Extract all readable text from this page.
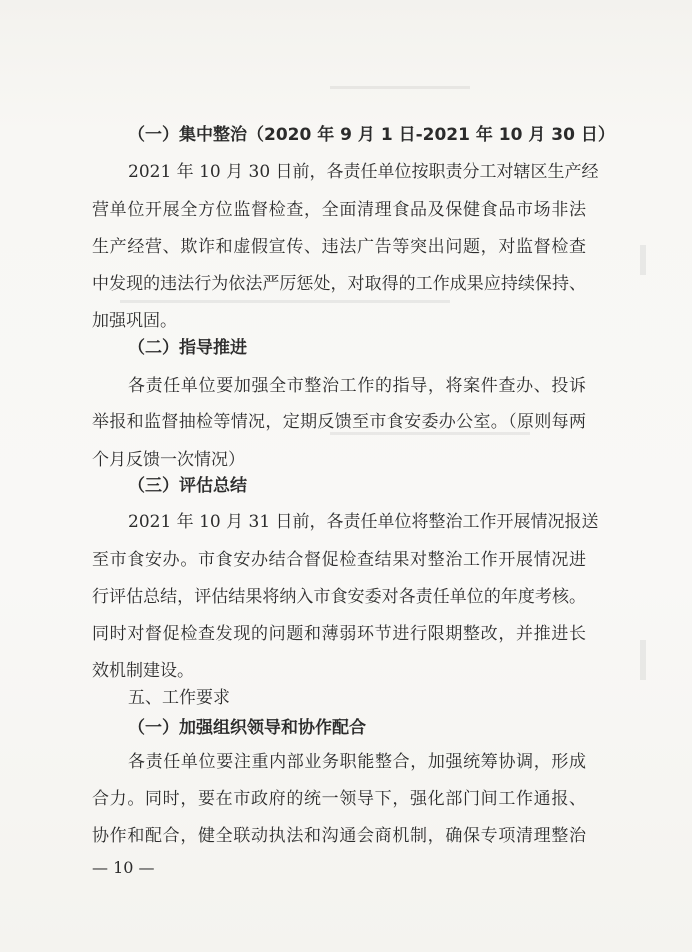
（一）集中整治（2020 年 9 月 1 日-2021 年 10 月 30 日）
2021 年 10 月 30 日前，各责任单位按职责分工对辖区生产经
营单位开展全方位监督检查，全面清理食品及保健食品市场非法
生产经营、欺诈和虚假宣传、违法广告等突出问题，对监督检查
中发现的违法行为依法严厉惩处，对取得的工作成果应持续保持、
加强巩固。
（二）指导推进
各责任单位要加强全市整治工作的指导，将案件查办、投诉
举报和监督抽检等情况，定期反馈至市食安委办公室。（原则每两
个月反馈一次情况）
（三）评估总结
2021 年 10 月 31 日前，各责任单位将整治工作开展情况报送
至市食安办。市食安办结合督促检查结果对整治工作开展情况进
行评估总结，评估结果将纳入市食安委对各责任单位的年度考核。
同时对督促检查发现的问题和薄弱环节进行限期整改，并推进长
效机制建设。
五、工作要求
（一）加强组织领导和协作配合
各责任单位要注重内部业务职能整合，加强统筹协调，形成
合力。同时，要在市政府的统一领导下，强化部门间工作通报、
协作和配合，健全联动执法和沟通会商机制，确保专项清理整治
— 10 —
